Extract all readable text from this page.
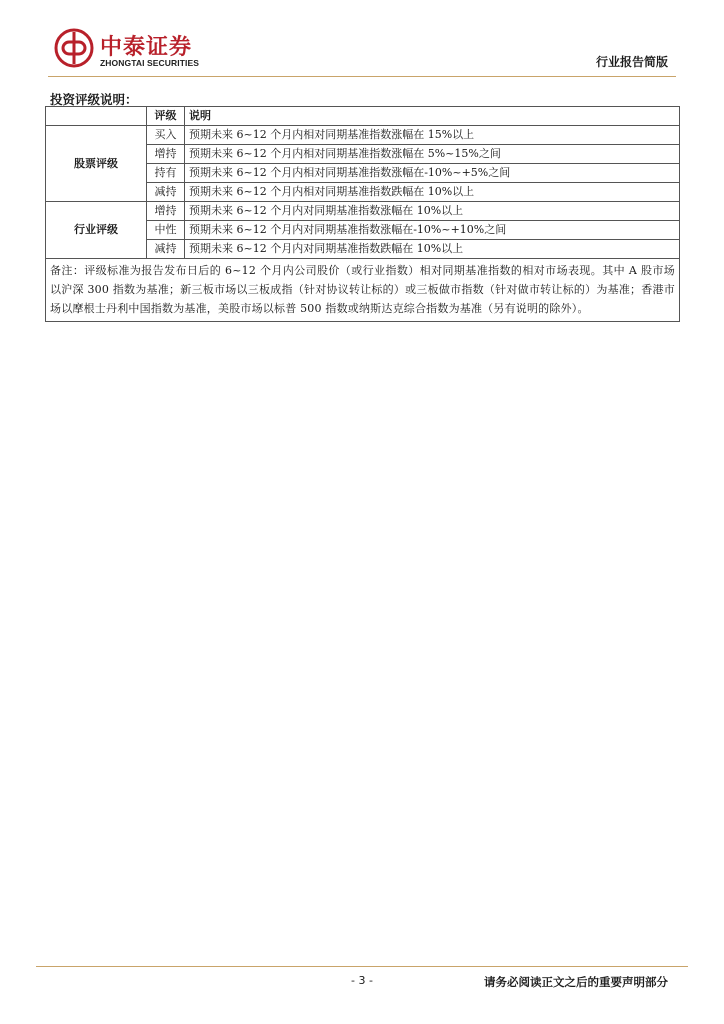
中泰证券
ZHONGTAI SECURITIES	行业报告简版
投资评级说明：
	评级	说明
股票评级	买入	预期未来 6~12 个月内相对同期基准指数涨幅在 15%以上
	增持	预期未来 6~12 个月内相对同期基准指数涨幅在 5%~15%之间
	持有	预期未来 6~12 个月内相对同期基准指数涨幅在-10%~+5%之间
	减持	预期未来 6~12 个月内相对同期基准指数跌幅在 10%以上
行业评级	增持	预期未来 6~12 个月内对同期基准指数涨幅在 10%以上
	中性	预期未来 6~12 个月内对同期基准指数涨幅在-10%~+10%之间
	减持	预期未来 6~12 个月内对同期基准指数跌幅在 10%以上
备注：评级标准为报告发布日后的 6~12 个月内公司股价（或行业指数）相对同期基准指数的相对市场表现。其中 A 股市场以沪深 300 指数为基准；新三板市场以三板成指（针对协议转让标的）或三板做市指数（针对做市转让标的）为基准；香港市场以摩根士丹利中国指数为基准，美股市场以标普 500 指数或纳斯达克综合指数为基准（另有说明的除外）。		
- 3 -	请务必阅读正文之后的重要声明部分
